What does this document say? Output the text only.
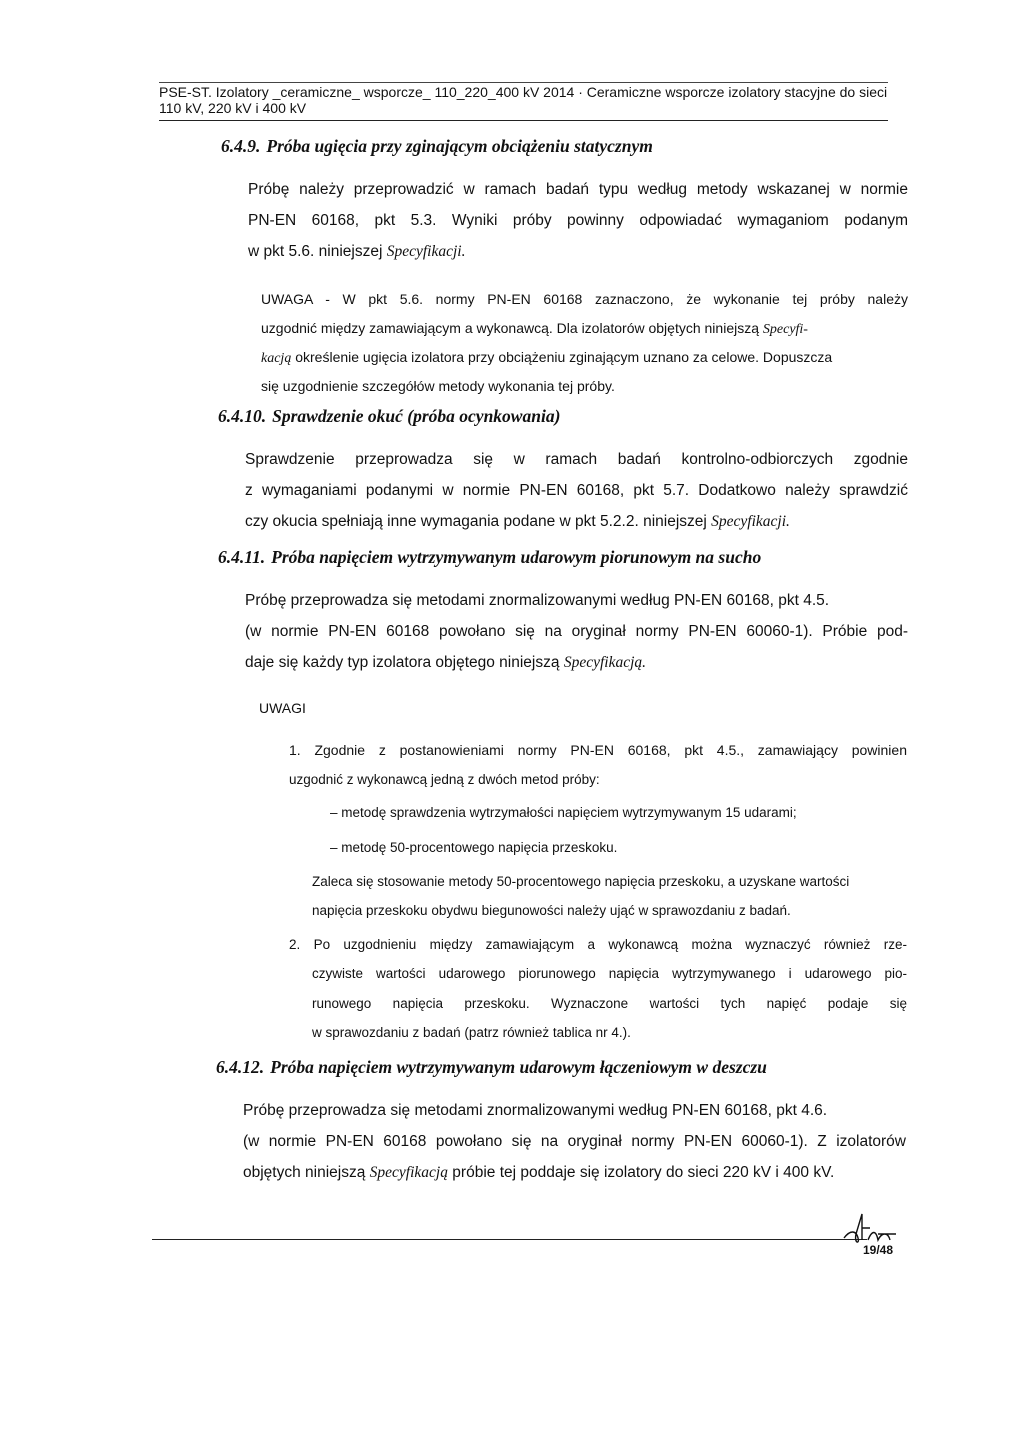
PSE-ST. Izolatory _ceramiczne_ wsporcze_ 110_220_400 kV 2014 · Ceramiczne wsporcze izolatory stacyjne do sieci
110 kV, 220 kV i 400 kV
6.4.9. Próba ugięcia przy zginającym obciążeniu statycznym
Próbę należy przeprowadzić w ramach badań typu według metody wskazanej w normie
PN-EN 60168, pkt 5.3. Wyniki próby powinny odpowiadać wymaganiom podanym
w pkt 5.6. niniejszej Specyfikacji.
UWAGA - W pkt 5.6. normy PN-EN 60168 zaznaczono, że wykonanie tej próby należy
uzgodnić między zamawiającym a wykonawcą. Dla izolatorów objętych niniejszą Specyfi-
kacją określenie ugięcia izolatora przy obciążeniu zginającym uznano za celowe. Dopuszcza
się uzgodnienie szczegółów metody wykonania tej próby.
6.4.10. Sprawdzenie okuć (próba ocynkowania)
Sprawdzenie przeprowadza się w ramach badań kontrolno-odbiorczych zgodnie
z wymaganiami podanymi w normie PN-EN 60168, pkt 5.7. Dodatkowo należy sprawdzić
czy okucia spełniają inne wymagania podane w pkt 5.2.2. niniejszej Specyfikacji.
6.4.11. Próba napięciem wytrzymywanym udarowym piorunowym na sucho
Próbę przeprowadza się metodami znormalizowanymi według PN-EN 60168, pkt 4.5.
(w normie PN-EN 60168 powołano się na oryginał normy PN-EN 60060-1). Próbie pod-
daje się każdy typ izolatora objętego niniejszą Specyfikacją.
UWAGI
1. Zgodnie z postanowieniami normy PN-EN 60168, pkt 4.5., zamawiający powinien
uzgodnić z wykonawcą jedną z dwóch metod próby:
– metodę sprawdzenia wytrzymałości napięciem wytrzymywanym 15 udarami;
– metodę 50-procentowego napięcia przeskoku.
Zaleca się stosowanie metody 50-procentowego napięcia przeskoku, a uzyskane wartości
napięcia przeskoku obydwu biegunowości należy ująć w sprawozdaniu z badań.
2. Po uzgodnieniu między zamawiającym a wykonawcą można wyznaczyć również rze-
czywiste wartości udarowego piorunowego napięcia wytrzymywanego i udarowego pio-
runowego napięcia przeskoku. Wyznaczone wartości tych napięć podaje się
w sprawozdaniu z badań (patrz również tablica nr 4.).
6.4.12. Próba napięciem wytrzymywanym udarowym łączeniowym w deszczu
Próbę przeprowadza się metodami znormalizowanymi według PN-EN 60168, pkt 4.6.
(w normie PN-EN 60168 powołano się na oryginał normy PN-EN 60060-1). Z izolatorów
objętych niniejszą Specyfikacją próbie tej poddaje się izolatory do sieci 220 kV i 400 kV.
19/48
